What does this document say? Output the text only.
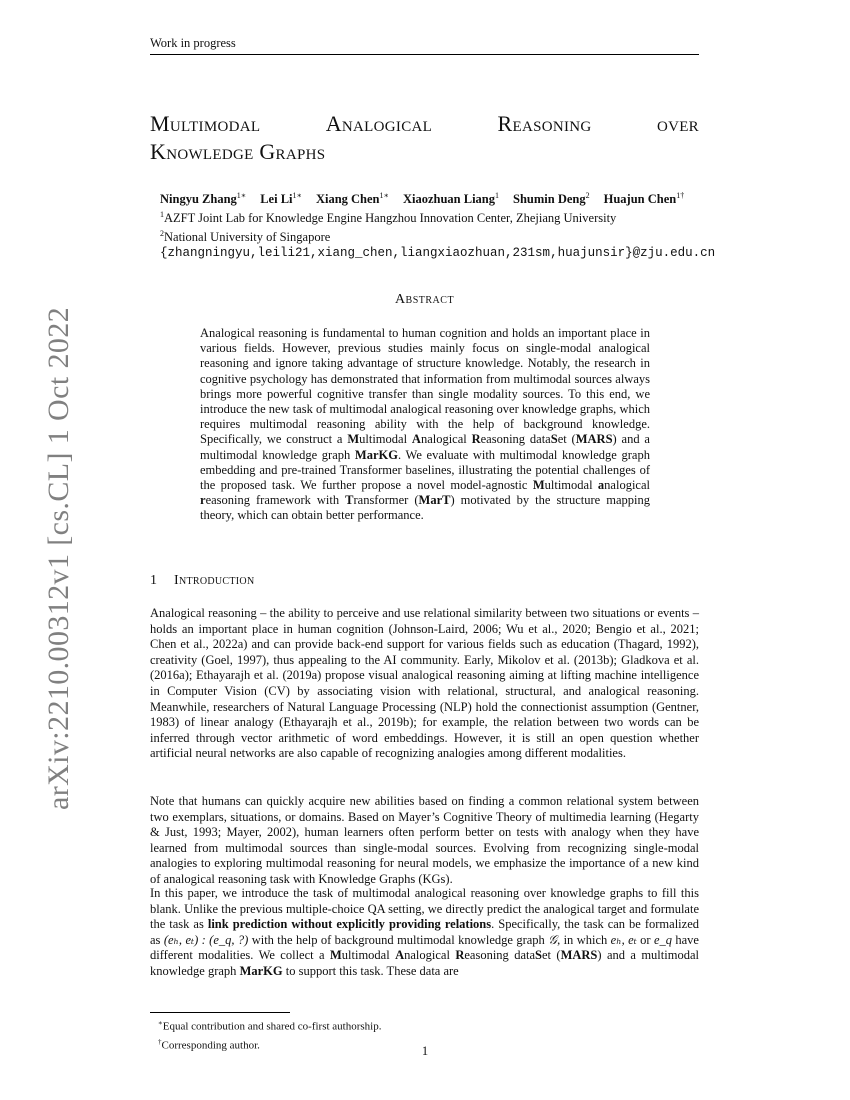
Work in progress
Multimodal	Analogical	Reasoning	over
Knowledge Graphs
Ningyu Zhang$^{1∗}$ Lei $Li^{1∗}$ Xiang Chen$^{1∗}$ Xiaozhuan Liang$^1$ Shumin Deng$^2$ Huajun Chen$^{1\dagger}$
$^1$AZFT Joint Lab for Knowledge Engine Hangzhou Innovation Center, Zhejiang University
$^2$National University of Singapore
{zhangningyu,leili21,xiang_chen,liangxiaozhuan,231sm,huajunsir}@zju.edu.cn
Abstract
Analogical reasoning is fundamental to human cognition and holds an important place in various fields. However, previous studies mainly focus on single-modal analogical reasoning and ignore taking advantage of structure knowledge. Notably, the research in cognitive psychology has demonstrated that information from multimodal sources always brings more powerful cognitive transfer than single modality sources. To this end, we introduce the new task of multimodal analogical reasoning over knowledge graphs, which requires multimodal reasoning ability with the help of background knowledge. Specifically, we construct a Multimodal Analogical Reasoning dataSet (MARS) and a multimodal knowledge graph MarKG. We evaluate with multimodal knowledge graph embedding and pre-trained Transformer baselines, illustrating the potential challenges of the proposed task. We further propose a novel model-agnostic Multimodal analogical reasoning framework with Transformer (MarT) motivated by the structure mapping theory, which can obtain better performance.
1 Introduction
Analogical reasoning – the ability to perceive and use relational similarity between two situations or events – holds an important place in human cognition (Johnson-Laird, 2006; Wu et al., 2020; Bengio et al., 2021; Chen et al., 2022a) and can provide back-end support for various fields such as education (Thagard, 1992), creativity (Goel, 1997), thus appealing to the AI community. Early, Mikolov et al. (2013b); Gladkova et al. (2016a); Ethayarajh et al. (2019a) propose visual analogical reasoning aiming at lifting machine intelligence in Computer Vision (CV) by associating vision with relational, structural, and analogical reasoning. Meanwhile, researchers of Natural Language Processing (NLP) hold the connectionist assumption (Gentner, 1983) of linear analogy (Ethayarajh et al., 2019b); for example, the relation between two words can be inferred through vector arithmetic of word embeddings. However, it is still an open question whether artificial neural networks are also capable of recognizing analogies among different modalities.
Note that humans can quickly acquire new abilities based on finding a common relational system between two exemplars, situations, or domains. Based on Mayer’s Cognitive Theory of multimedia learning (Hegarty & Just, 1993; Mayer, 2002), human learners often perform better on tests with analogy when they have learned from multimodal sources than single-modal sources. Evolving from recognizing single-modal analogies to exploring multimodal reasoning for neural models, we emphasize the importance of a new kind of analogical reasoning task with Knowledge Graphs (KGs).
In this paper, we introduce the task of multimodal analogical reasoning over knowledge graphs to fill this blank. Unlike the previous multiple-choice QA setting, we directly predict the analogical target and formulate the task as link prediction without explicitly providing relations. Specifically, the task can be formalized as (eₕ, eₜ) : (e_q, ?) with the help of background multimodal knowledge graph 𝒢, in which eₕ, eₜ or e_q have different modalities. We collect a Multimodal Analogical Reasoning dataSet (MARS) and a multimodal knowledge graph MarKG to support this task. These data are
∗Equal contribution and shared co-first authorship.
†Corresponding author.	1
arXiv:2210.00312v1 [cs.CL] 1 Oct 2022
